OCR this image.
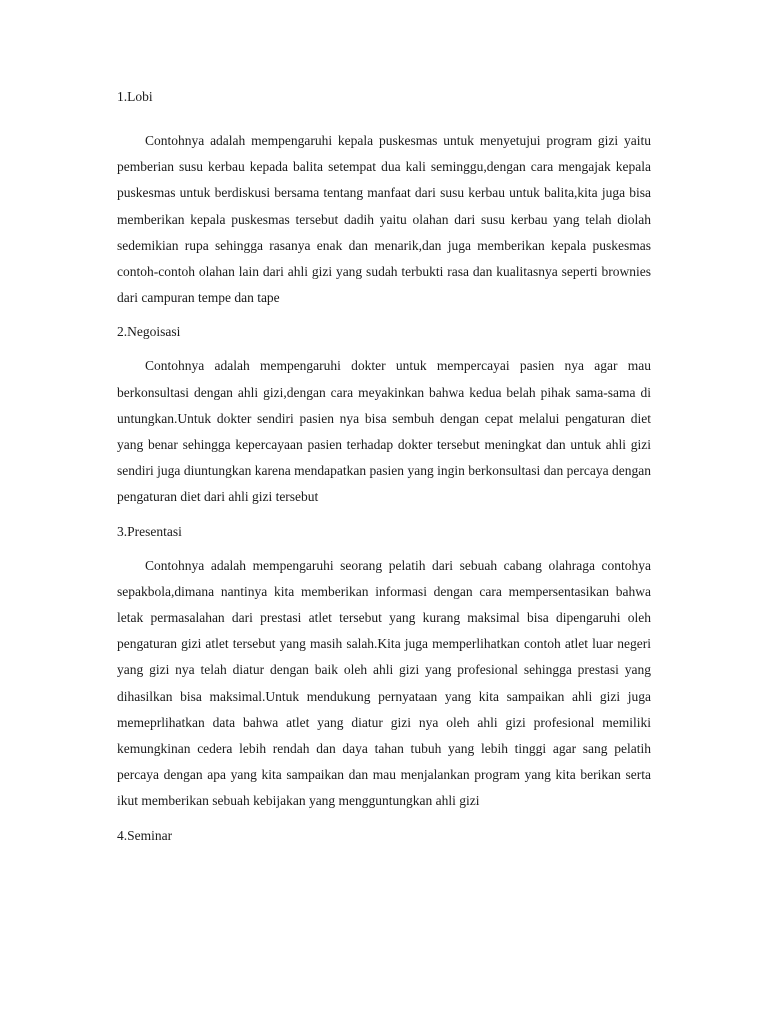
1.Lobi

Contohnya adalah mempengaruhi kepala puskesmas untuk menyetujui program gizi yaitu pemberian susu kerbau kepada balita setempat dua kali seminggu,dengan cara mengajak kepala puskesmas untuk berdiskusi bersama tentang manfaat dari susu kerbau untuk balita,kita juga bisa memberikan kepala puskesmas tersebut dadih yaitu olahan dari susu kerbau yang telah diolah sedemikian rupa sehingga rasanya enak dan menarik,dan juga memberikan kepala puskesmas contoh-contoh olahan lain dari ahli gizi yang sudah terbukti rasa dan kualitasnya seperti brownies dari campuran tempe dan tape

2.Negoisasi

Contohnya adalah mempengaruhi dokter untuk mempercayai pasien nya agar mau berkonsultasi dengan ahli gizi,dengan cara meyakinkan bahwa kedua belah pihak sama-sama di untungkan.Untuk dokter sendiri pasien nya bisa sembuh dengan cepat melalui pengaturan diet yang benar sehingga kepercayaan pasien terhadap dokter tersebut meningkat dan untuk ahli gizi sendiri juga diuntungkan karena mendapatkan pasien yang ingin berkonsultasi dan percaya dengan pengaturan diet dari ahli gizi tersebut

3.Presentasi

Contohnya adalah mempengaruhi seorang pelatih dari sebuah cabang olahraga contohya sepakbola,dimana nantinya kita memberikan informasi dengan cara mempersentasikan bahwa letak permasalahan dari prestasi atlet tersebut yang kurang maksimal bisa dipengaruhi oleh pengaturan gizi atlet tersebut yang masih salah.Kita juga memperlihatkan contoh atlet luar negeri yang gizi nya telah diatur dengan baik oleh ahli gizi yang profesional sehingga prestasi yang dihasilkan bisa maksimal.Untuk mendukung pernyataan yang kita sampaikan ahli gizi juga memeprlihatkan data bahwa atlet yang diatur gizi nya oleh ahli gizi profesional memiliki kemungkinan cedera lebih rendah dan daya tahan tubuh yang lebih tinggi agar sang pelatih percaya dengan apa yang kita sampaikan dan mau menjalankan program yang kita berikan serta ikut memberikan sebuah kebijakan yang mengguntungkan ahli gizi

4.Seminar
